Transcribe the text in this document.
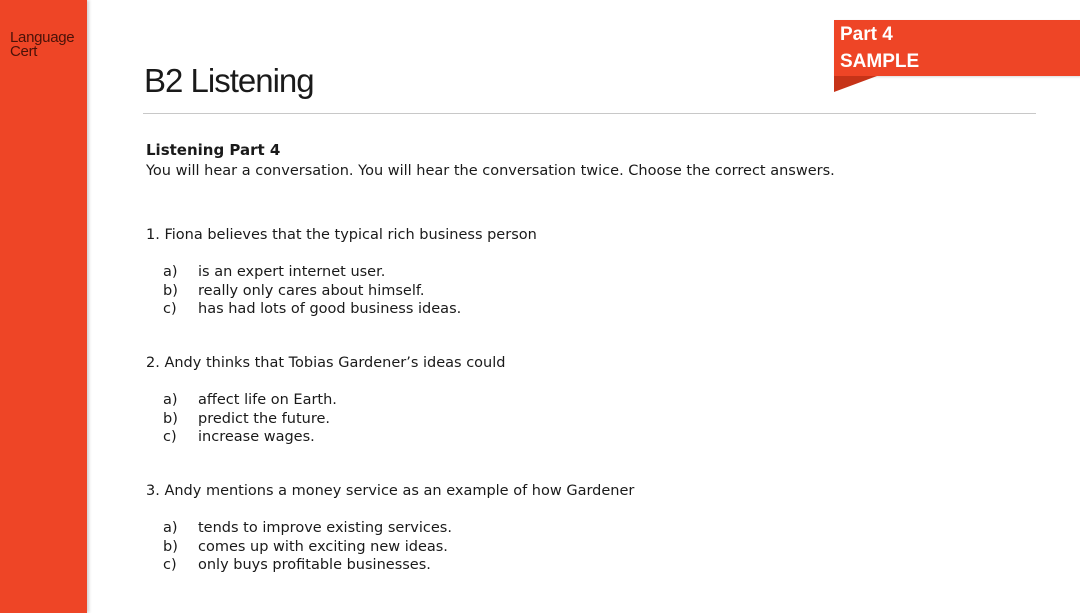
Language
Cert
B2 Listening
Part 4
SAMPLE
Listening Part 4
You will hear a conversation. You will hear the conversation twice. Choose the correct answers.
1. Fiona believes that the typical rich business person
a)	is an expert internet user.
b)	really only cares about himself.
c)	has had lots of good business ideas.
2. Andy thinks that Tobias Gardener’s ideas could
a)	affect life on Earth.
b)	predict the future.
c)	increase wages.
3. Andy mentions a money service as an example of how Gardener
a)	tends to improve existing services.
b)	comes up with exciting new ideas.
c)	only buys profitable businesses.
